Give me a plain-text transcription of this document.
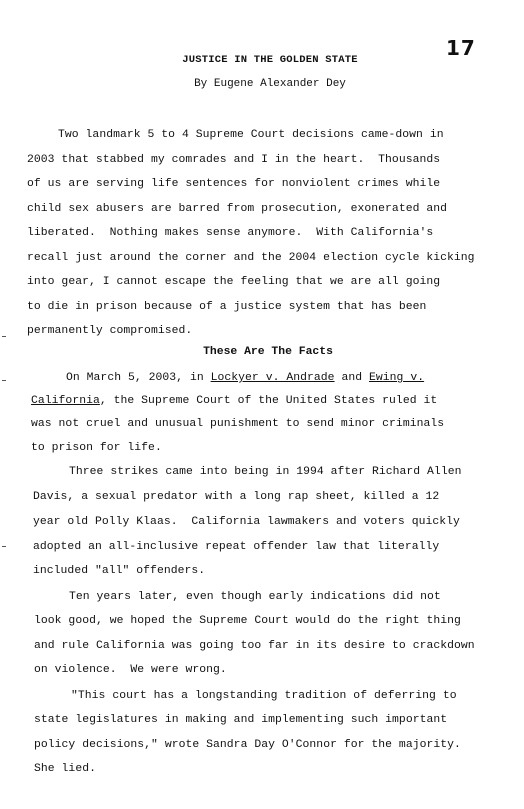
17
JUSTICE IN THE GOLDEN STATE
By Eugene Alexander Dey
Two landmark 5 to 4 Supreme Court decisions came-down in
2003 that stabbed my comrades and I in the heart.  Thousands
of us are serving life sentences for nonviolent crimes while
child sex abusers are barred from prosecution, exonerated and
liberated.  Nothing makes sense anymore.  With California's
recall just around the corner and the 2004 election cycle kicking
into gear, I cannot escape the feeling that we are all going
to die in prison because of a justice system that has been
permanently compromised.
These Are The Facts
On March 5, 2003, in Lockyer v. Andrade and Ewing v.
California, the Supreme Court of the United States ruled it
was not cruel and unusual punishment to send minor criminals
to prison for life.
Three strikes came into being in 1994 after Richard Allen
Davis, a sexual predator with a long rap sheet, killed a 12
year old Polly Klaas.  California lawmakers and voters quickly
adopted an all-inclusive repeat offender law that literally
included "all" offenders.
Ten years later, even though early indications did not
look good, we hoped the Supreme Court would do the right thing
and rule California was going too far in its desire to crackdown
on violence.  We were wrong.
"This court has a longstanding tradition of deferring to
state legislatures in making and implementing such important
policy decisions," wrote Sandra Day O'Connor for the majority.
She lied.
